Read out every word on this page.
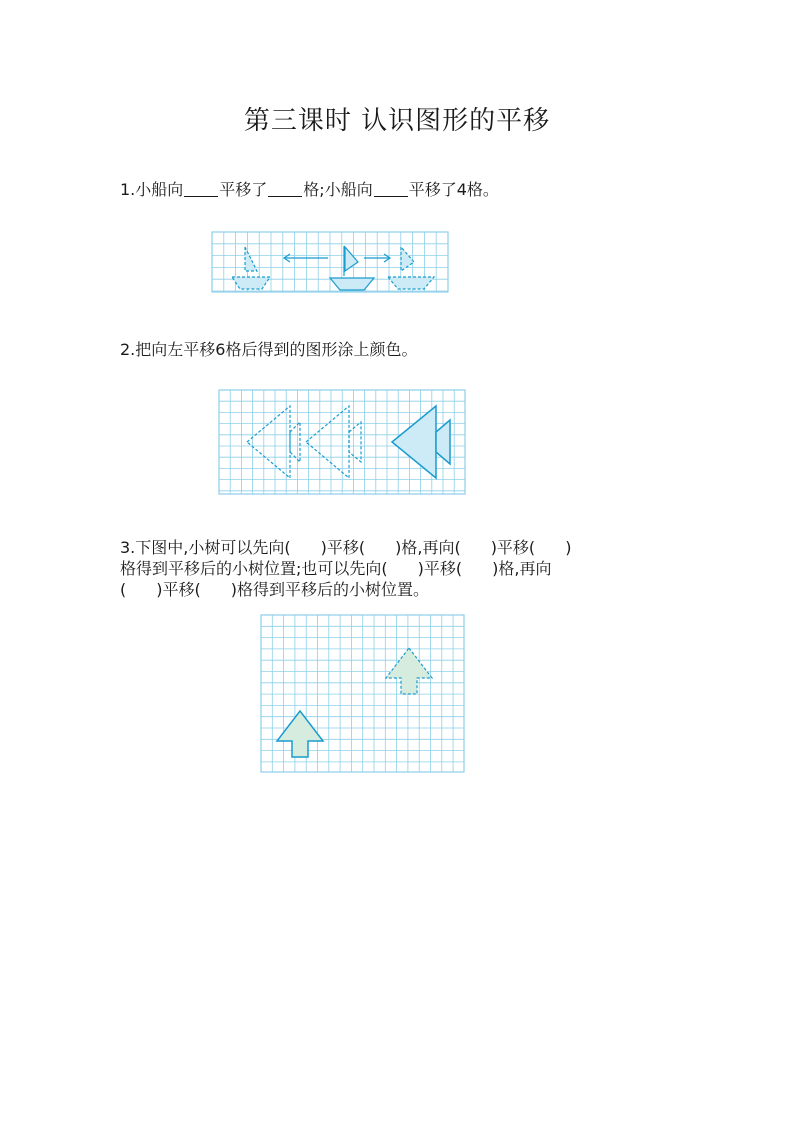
第三课时 认识图形的平移
1.小船向 平移了 格;小船向 平移了4格。
2.把向左平移6格后得到的图形涂上颜色。
3.下图中,小树可以先向( )平移( )格,再向( )平移( )
格得到平移后的小树位置;也可以先向( )平移( )格,再向
( )平移( )格得到平移后的小树位置。
